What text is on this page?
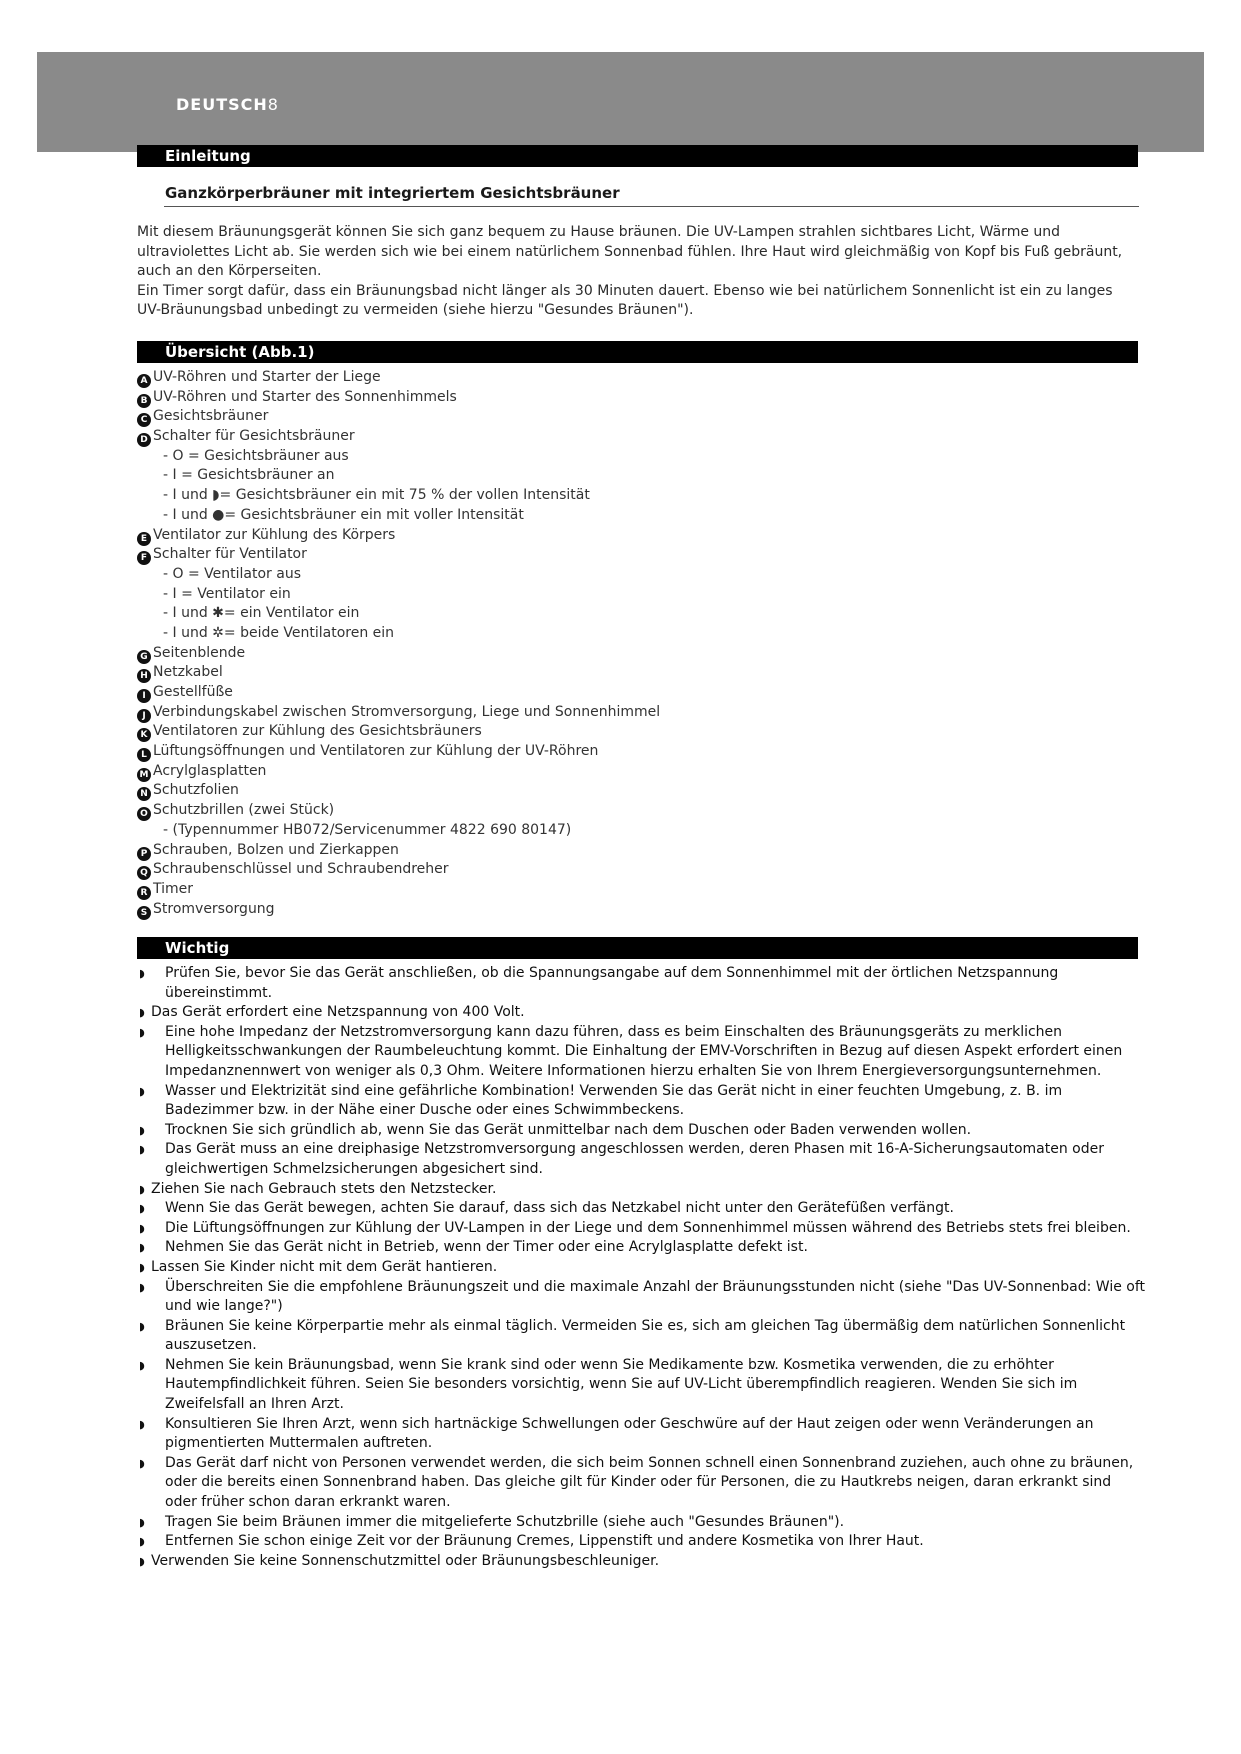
DEUTSCH8
Einleitung
Ganzkörperbräuner mit integriertem Gesichtsbräuner

Mit diesem Bräunungsgerät können Sie sich ganz bequem zu Hause bräunen. Die UV-Lampen strahlen sichtbares Licht, Wärme und ultraviolettes Licht ab. Sie werden sich wie bei einem natürlichem Sonnenbad fühlen. Ihre Haut wird gleichmäßig von Kopf bis Fuß gebräunt, auch an den Körperseiten.

Ein Timer sorgt dafür, dass ein Bräunungsbad nicht länger als 30 Minuten dauert. Ebenso wie bei natürlichem Sonnenlicht ist ein zu langes UV-Bräunungsbad unbedingt zu vermeiden (siehe hierzu "Gesundes Bräunen").

Übersicht (Abb.1)
A UV-Röhren und Starter der Liege
B UV-Röhren und Starter des Sonnenhimmels
C Gesichtsbräuner
D Schalter für Gesichtsbräuner
- O = Gesichtsbräuner aus
- I = Gesichtsbräuner an
- I und ◗= Gesichtsbräuner ein mit 75 % der vollen Intensität
- I und ●= Gesichtsbräuner ein mit voller Intensität
E Ventilator zur Kühlung des Körpers
F Schalter für Ventilator
- O = Ventilator aus
- I = Ventilator ein
- I und ✱= ein Ventilator ein
- I und ✲= beide Ventilatoren ein
G Seitenblende
H Netzkabel
I Gestellfüße
J Verbindungskabel zwischen Stromversorgung, Liege und Sonnenhimmel
K Ventilatoren zur Kühlung des Gesichtsbräuners
L Lüftungsöffnungen und Ventilatoren zur Kühlung der UV-Röhren
M Acrylglasplatten
N Schutzfolien
O Schutzbrillen (zwei Stück)
- (Typennummer HB072/Servicenummer 4822 690 80147)
P Schrauben, Bolzen und Zierkappen
Q Schraubenschlüssel und Schraubendreher
R Timer
S Stromversorgung
Wichtig
◗ Prüfen Sie, bevor Sie das Gerät anschließen, ob die Spannungsangabe auf dem Sonnenhimmel mit der örtlichen Netzspannung übereinstimmt.
◗ Das Gerät erfordert eine Netzspannung von 400 Volt.
◗ Eine hohe Impedanz der Netzstromversorgung kann dazu führen, dass es beim Einschalten des Bräunungsgeräts zu merklichen Helligkeitsschwankungen der Raumbeleuchtung kommt. Die Einhaltung der EMV-Vorschriften in Bezug auf diesen Aspekt erfordert einen Impedanznennwert von weniger als 0,3 Ohm. Weitere Informationen hierzu erhalten Sie von Ihrem Energieversorgungsunternehmen.
◗ Wasser und Elektrizität sind eine gefährliche Kombination! Verwenden Sie das Gerät nicht in einer feuchten Umgebung, z. B. im Badezimmer bzw. in der Nähe einer Dusche oder eines Schwimmbeckens.
◗ Trocknen Sie sich gründlich ab, wenn Sie das Gerät unmittelbar nach dem Duschen oder Baden verwenden wollen.
◗ Das Gerät muss an eine dreiphasige Netzstromversorgung angeschlossen werden, deren Phasen mit 16-A-Sicherungsautomaten oder gleichwertigen Schmelzsicherungen abgesichert sind.
◗ Ziehen Sie nach Gebrauch stets den Netzstecker.
◗ Wenn Sie das Gerät bewegen, achten Sie darauf, dass sich das Netzkabel nicht unter den Gerätefüßen verfängt.
◗ Die Lüftungsöffnungen zur Kühlung der UV-Lampen in der Liege und dem Sonnenhimmel müssen während des Betriebs stets frei bleiben.
◗ Nehmen Sie das Gerät nicht in Betrieb, wenn der Timer oder eine Acrylglasplatte defekt ist.
◗ Lassen Sie Kinder nicht mit dem Gerät hantieren.
◗ Überschreiten Sie die empfohlene Bräunungszeit und die maximale Anzahl der Bräunungsstunden nicht (siehe "Das UV-Sonnenbad: Wie oft und wie lange?")
◗ Bräunen Sie keine Körperpartie mehr als einmal täglich. Vermeiden Sie es, sich am gleichen Tag übermäßig dem natürlichen Sonnenlicht auszusetzen.
◗ Nehmen Sie kein Bräunungsbad, wenn Sie krank sind oder wenn Sie Medikamente bzw. Kosmetika verwenden, die zu erhöhter Hautempfindlichkeit führen. Seien Sie besonders vorsichtig, wenn Sie auf UV-Licht überempfindlich reagieren. Wenden Sie sich im Zweifelsfall an Ihren Arzt.
◗ Konsultieren Sie Ihren Arzt, wenn sich hartnäckige Schwellungen oder Geschwüre auf der Haut zeigen oder wenn Veränderungen an pigmentierten Muttermalen auftreten.
◗ Das Gerät darf nicht von Personen verwendet werden, die sich beim Sonnen schnell einen Sonnenbrand zuziehen, auch ohne zu bräunen, oder die bereits einen Sonnenbrand haben. Das gleiche gilt für Kinder oder für Personen, die zu Hautkrebs neigen, daran erkrankt sind oder früher schon daran erkrankt waren.
◗ Tragen Sie beim Bräunen immer die mitgelieferte Schutzbrille (siehe auch "Gesundes Bräunen").
◗ Entfernen Sie schon einige Zeit vor der Bräunung Cremes, Lippenstift und andere Kosmetika von Ihrer Haut.
◗ Verwenden Sie keine Sonnenschutzmittel oder Bräunungsbeschleuniger.
